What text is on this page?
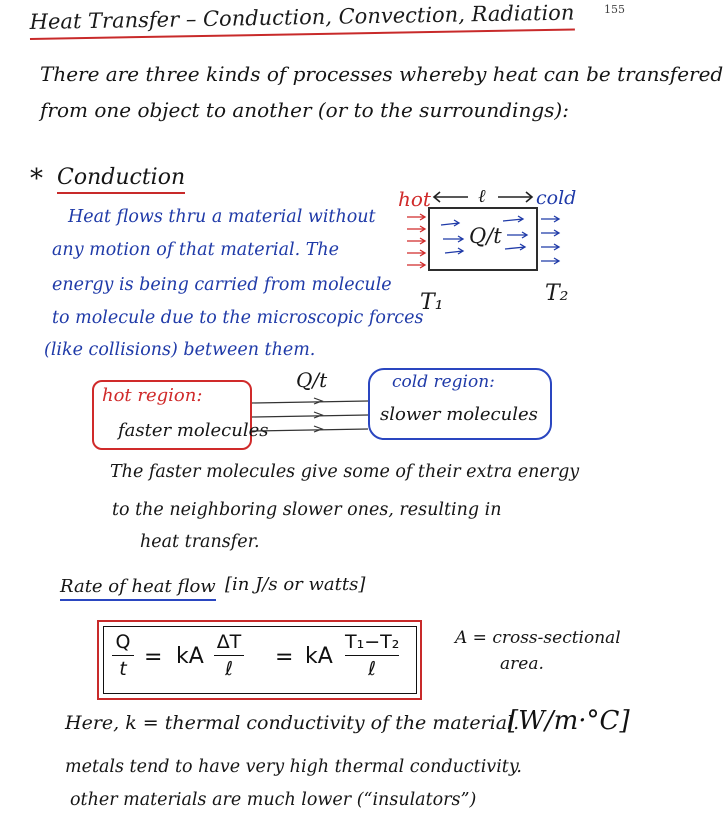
155
Heat Transfer – Conduction, Convection, Radiation
There are three kinds of processes whereby heat can be transfered
from one object to another (or to the surroundings):
* Conduction
Heat flows thru a material without
any motion of that material. The
energy is being carried from molecule
to molecule due to the microscopic forces
(like collisions) between them.
hot	ℓ	cold
Q/t
T₁	T₂
Q/t
hot region:
faster molecules
cold region:
slower molecules
The faster molecules give some of their extra energy
to the neighboring slower ones, resulting in
heat transfer.
Rate of heat flow [in J/s or watts]
Q
t = kA
ΔT
ℓ	= kA
T₁−T₂
ℓ
A = cross-sectional
area.
Here, k = thermal conductivity of the material.
[W/m·°C]
metals tend to have very high thermal conductivity.
other materials are much lower (“insulators”)
